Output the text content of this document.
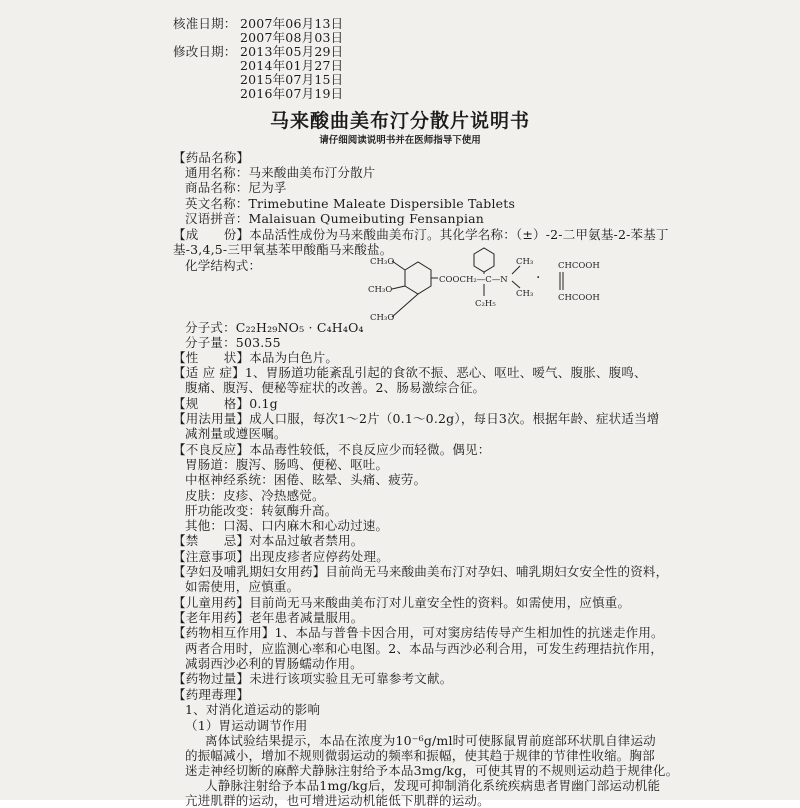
核准日期： 2007年06月13日
2007年08月03日
修改日期： 2013年05月29日
2014年01月27日
2015年07月15日
2016年07月19日
马来酸曲美布汀分散片说明书
请仔细阅读说明书并在医师指导下使用
【药品名称】
通用名称：马来酸曲美布汀分散片
商品名称：尼为孚
英文名称：Trimebutine Maleate Dispersible Tablets
汉语拼音：Malaisuan Qumeibuting Fensanpian
【成　　份】本品活性成份为马来酸曲美布汀。其化学名称：（±）-2-二甲氨基-2-苯基丁
基-3,4,5-三甲氧基苯甲酸酯马来酸盐。
化学结构式：	CH₃O
CH₃O
CH₃O
COOCH₂—C—N
C₂H₅
CH₃
CH₃
·
CHCOOH
CHCOOH
分子式：C₂₂H₂₉NO₅ · C₄H₄O₄
分子量：503.55
【性　　状】本品为白色片。
【适 应 症】1、胃肠道功能紊乱引起的食欲不振、恶心、呕吐、嗳气、腹胀、腹鸣、
腹痛、腹泻、便秘等症状的改善。2、肠易激综合征。
【规　　格】0.1g
【用法用量】成人口服，每次1～2片（0.1～0.2g），每日3次。根据年龄、症状适当增
减剂量或遵医嘱。
【不良反应】本品毒性较低，不良反应少而轻微。偶见：
胃肠道：腹泻、肠鸣、便秘、呕吐。
中枢神经系统：困倦、眩晕、头痛、疲劳。
皮肤：皮疹、冷热感觉。
肝功能改变：转氨酶升高。
其他：口渴、口内麻木和心动过速。
【禁　　忌】对本品过敏者禁用。
【注意事项】出现皮疹者应停药处理。
【孕妇及哺乳期妇女用药】目前尚无马来酸曲美布汀对孕妇、哺乳期妇女安全性的资料，
如需使用，应慎重。
【儿童用药】目前尚无马来酸曲美布汀对儿童安全性的资料。如需使用，应慎重。
【老年用药】老年患者减量服用。
【药物相互作用】1、本品与普鲁卡因合用，可对窦房结传导产生相加性的抗迷走作用。
两者合用时，应监测心率和心电图。2、本品与西沙必利合用，可发生药理拮抗作用，
减弱西沙必利的胃肠蠕动作用。
【药物过量】未进行该项实验且无可靠参考文献。
【药理毒理】
1、对消化道运动的影响
（1）胃运动调节作用
离体试验结果提示，本品在浓度为10⁻⁶g/ml时可使豚鼠胃前庭部环状肌自律运动
的振幅减小，增加不规则微弱运动的频率和振幅，使其趋于规律的节律性收缩。胸部
迷走神经切断的麻醉犬静脉注射给予本品3mg/kg，可使其胃的不规则运动趋于规律化。
人静脉注射给予本品1mg/kg后，发现可抑制消化系统疾病患者胃幽门部运动机能
亢进肌群的运动，也可增进运动机能低下肌群的运动。
